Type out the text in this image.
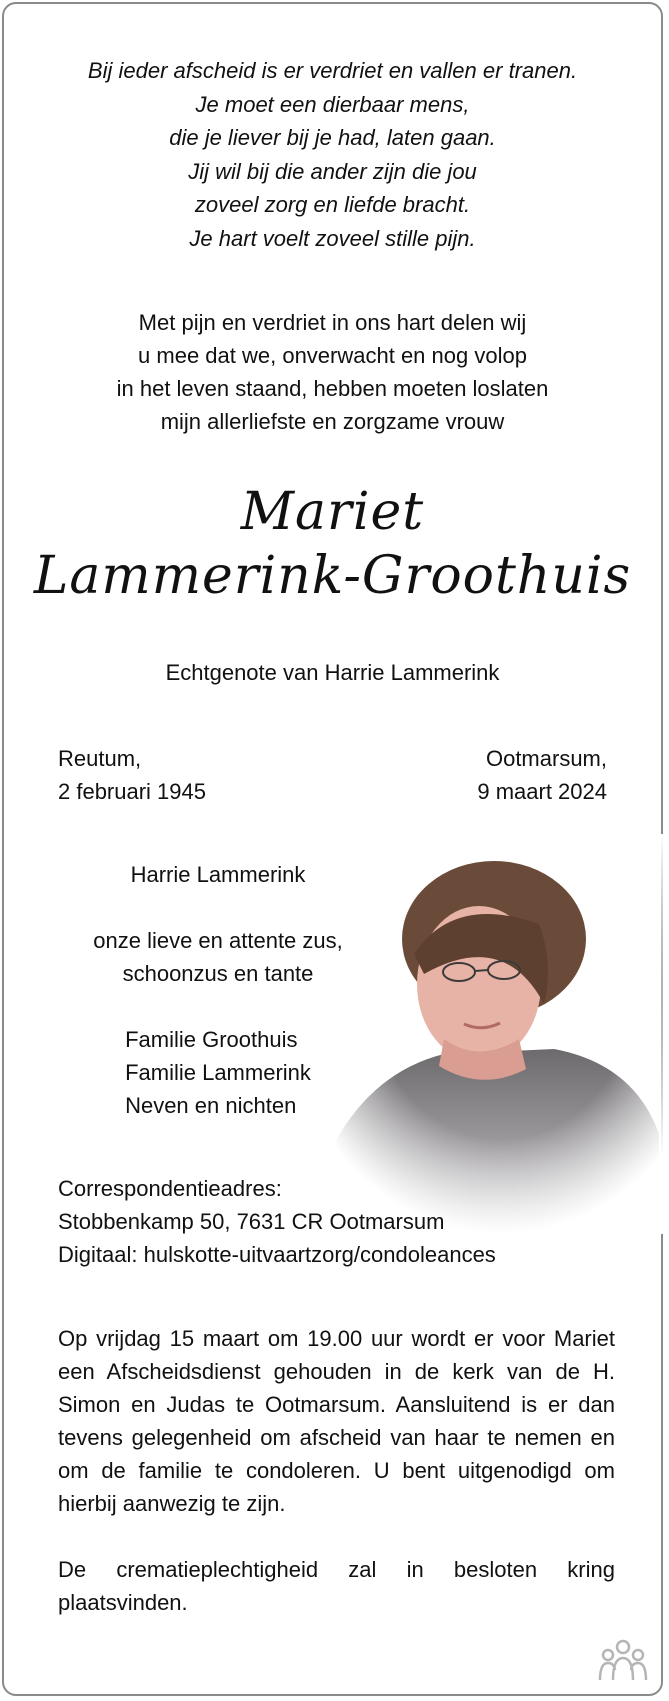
Bij ieder afscheid is er verdriet en vallen er tranen.
Je moet een dierbaar mens,
die je liever bij je had, laten gaan.
Jij wil bij die ander zijn die jou
zoveel zorg en liefde bracht.
Je hart voelt zoveel stille pijn.
Met pijn en verdriet in ons hart delen wij
u mee dat we, onverwacht en nog volop
in het leven staand, hebben moeten loslaten
mijn allerliefste en zorgzame vrouw
Mariet
Lammerink-Groothuis
Echtgenote van Harrie Lammerink
Reutum,
2 februari 1945
Ootmarsum,
9 maart 2024
Harrie Lammerink
onze lieve en attente zus,
schoonzus en tante
Familie Groothuis
Familie Lammerink
Neven en nichten
Correspondentieadres:
Stobbenkamp 50, 7631 CR Ootmarsum
Digitaal: hulskotte-uitvaartzorg/condoleances

Op vrijdag 15 maart om 19.00 uur wordt er voor Mariet een Afscheidsdienst gehouden in de kerk van de H. Simon en Judas te Ootmarsum. Aansluitend is er dan tevens gelegenheid om afscheid van haar te nemen en om de familie te condoleren. U bent uitgenodigd om hierbij aanwezig te zijn.

De crematieplechtigheid zal in besloten kring plaatsvinden.
